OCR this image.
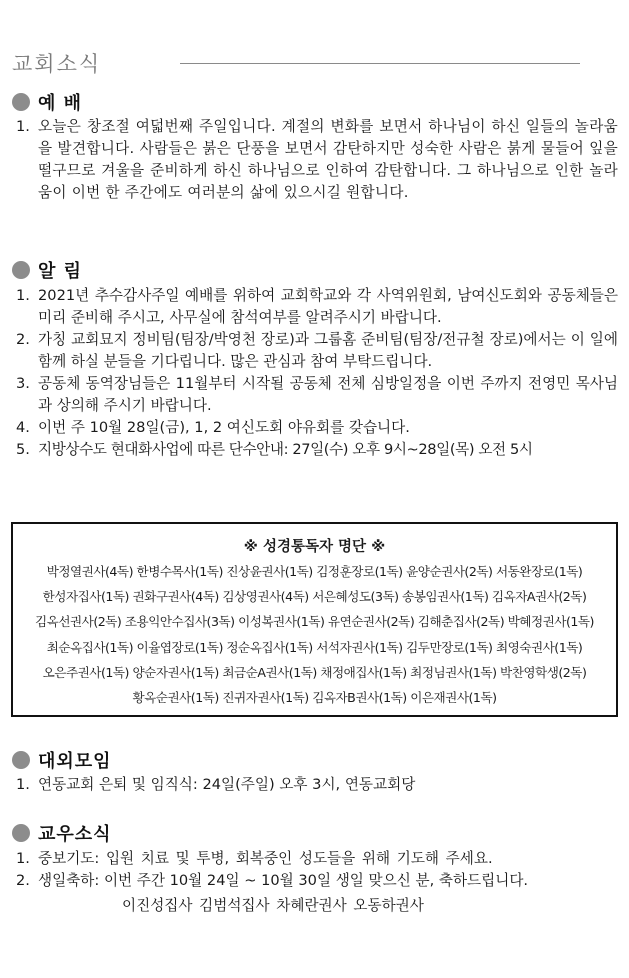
교회소식
예 배
1. 오늘은 창조절 여덟번째 주일입니다. 계절의 변화를 보면서 하나님이 하신 일들의 놀라움을 발견합니다. 사람들은 붉은 단풍을 보면서 감탄하지만 성숙한 사람은 붉게 물들어 잎을 떨구므로 겨울을 준비하게 하신 하나님으로 인하여 감탄합니다. 그 하나님으로 인한 놀라움이 이번 한 주간에도 여러분의 삶에 있으시길 원합니다.
알 림
1. 2021년 추수감사주일 예배를 위하여 교회학교와 각 사역위원회, 남여신도회와 공동체들은 미리 준비해 주시고, 사무실에 참석여부를 알려주시기 바랍니다.
2. 가칭 교회묘지 정비팀(팀장/박영천 장로)과 그룹홈 준비팀(팀장/전규철 장로)에서는 이 일에 함께 하실 분들을 기다립니다. 많은 관심과 참여 부탁드립니다.
3. 공동체 동역장님들은 11월부터 시작될 공동체 전체 심방일정을 이번 주까지 전영민 목사님과 상의해 주시기 바랍니다.
4. 이번 주 10월 28일(금), 1, 2 여신도회 야유회를 갖습니다.
5. 지방상수도 현대화사업에 따른 단수안내: 27일(수) 오후 9시~28일(목) 오전 5시
※ 성경통독자 명단 ※
박정열권사(4독) 한병수목사(1독) 진상윤권사(1독) 김정훈장로(1독) 윤양순권사(2독) 서동완장로(1독)
한성자집사(1독) 권화구권사(4독) 김상영권사(4독) 서은혜성도(3독) 송봉임권사(1독) 김옥자A권사(2독)
김옥선권사(2독) 조용익안수집사(3독) 이성복권사(1독) 유연순권사(2독) 김해춘집사(2독) 박혜정권사(1독)
최순옥집사(1독) 이율엽장로(1독) 정순옥집사(1독) 서석자권사(1독) 김두만장로(1독) 최영숙권사(1독)
오은주권사(1독) 양순자권사(1독) 최금순A권사(1독) 채정애집사(1독) 최정님권사(1독) 박찬영학생(2독)
황옥순권사(1독) 진귀자권사(1독) 김옥자B권사(1독) 이은재권사(1독)
대외모임
1. 연동교회 은퇴 및 임직식: 24일(주일) 오후 3시, 연동교회당
교우소식
1. 중보기도: 입원 치료 및 투병, 회복중인 성도들을 위해 기도해 주세요.
2. 생일축하: 이번 주간 10월 24일 ~ 10월 30일 생일 맞으신 분, 축하드립니다.
이진성집사 김범석집사 차혜란권사 오동하권사
